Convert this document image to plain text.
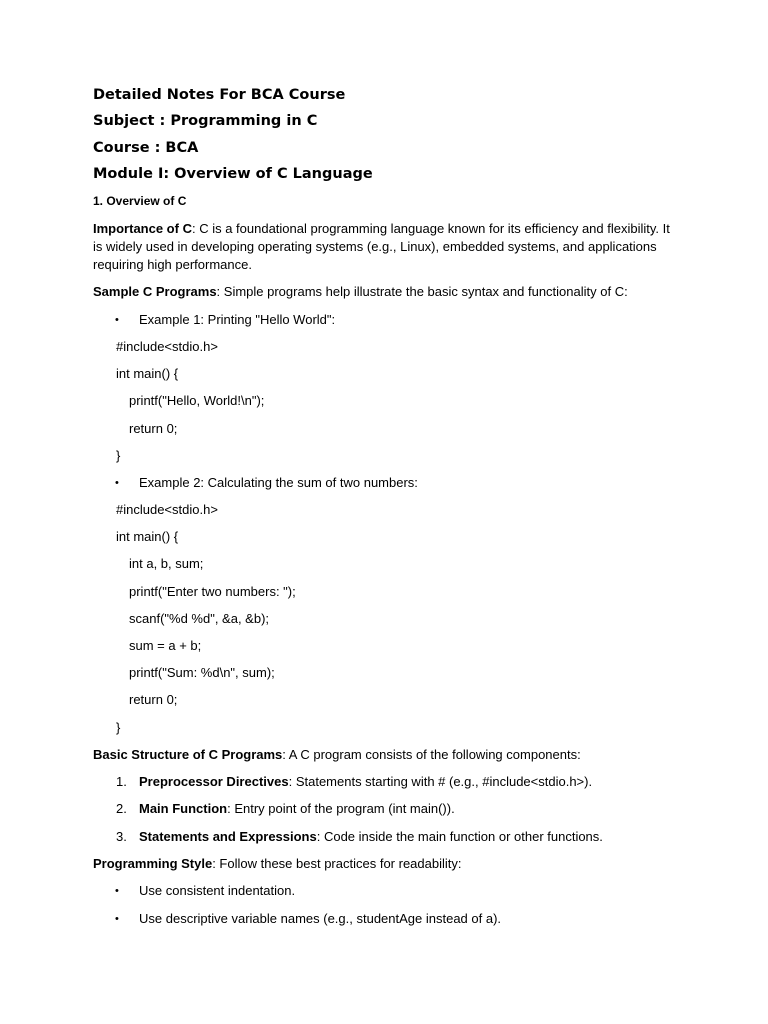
Detailed Notes For BCA Course
Subject : Programming in C
Course : BCA
Module I: Overview of C Language
1. Overview of C

Importance of C: C is a foundational programming language known for its efficiency and flexibility. It is widely used in developing operating systems (e.g., Linux), embedded systems, and applications requiring high performance.

Sample C Programs: Simple programs help illustrate the basic syntax and functionality of C:

• Example 1: Printing "Hello World":
#include<stdio.h>
int main() {
printf("Hello, World!\n");
return 0;
}
• Example 2: Calculating the sum of two numbers:
#include<stdio.h>
int main() {
int a, b, sum;
printf("Enter two numbers: ");
scanf("%d %d", &a, &b);
sum = a + b;
printf("Sum: %d\n", sum);
return 0;
}

Basic Structure of C Programs: A C program consists of the following components:

1. Preprocessor Directives: Statements starting with # (e.g., #include<stdio.h>).
2. Main Function: Entry point of the program (int main()).
3. Statements and Expressions: Code inside the main function or other functions.

Programming Style: Follow these best practices for readability:

• Use consistent indentation.
• Use descriptive variable names (e.g., studentAge instead of a).
